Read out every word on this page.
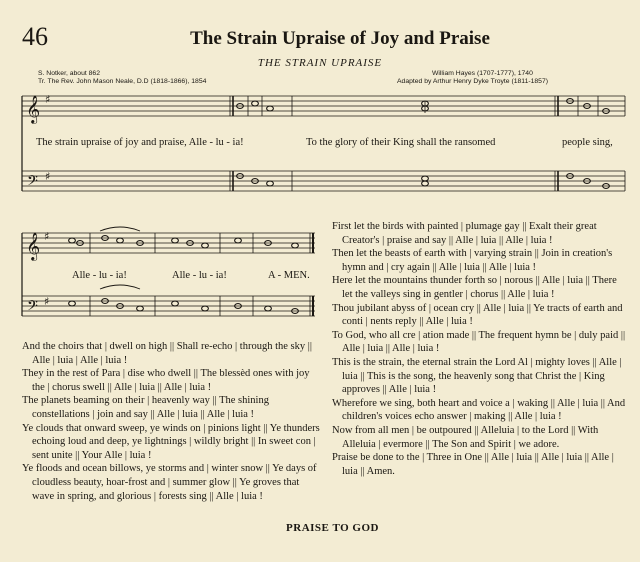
46	The Strain Upraise of Joy and Praise
THE STRAIN UPRAISE
S. Notker, about 862
Tr. The Rev. John Mason Neale, D.D (1818-1866), 1854
William Hayes (1707-1777), 1740
Adapted by Arthur Henry Dyke Troyte (1811-1857)
𝄞
𝄢
♯
♯
The strain upraise of joy and praise, Alle - lu - ia!	To the glory of their King shall the ransomed	people sing,
𝄞
𝄢
♯
♯
Alle - lu - ia!	Alle - lu - ia!	A - MEN.

And the choirs that | dwell on high || Shall re-echo | through the sky || Alle | luia | Alle | luia !

They in the rest of Para | dise who dwell || The blessèd ones with joy the | chorus swell || Alle | luia || Alle | luia !

The planets beaming on their | heavenly way || The shining constellations | join and say || Alle | luia || Alle | luia !

Ye clouds that onward sweep, ye winds on | pinions light || Ye thunders echoing loud and deep, ye lightnings | wildly bright || In sweet con | sent unite || Your Alle | luia !

Ye floods and ocean billows, ye storms and | winter snow || Ye days of cloudless beauty, hoar-frost and | summer glow || Ye groves that wave in spring, and glorious | forests sing || Alle | luia !

First let the birds with painted | plumage gay || Exalt their great Creator's | praise and say || Alle | luia || Alle | luia !

Then let the beasts of earth with | varying strain || Join in creation's hymn and | cry again || Alle | luia || Alle | luia !

Here let the mountains thunder forth so | norous || Alle | luia || There let the valleys sing in gentler | chorus || Alle | luia !

Thou jubilant abyss of | ocean cry || Alle | luia || Ye tracts of earth and conti | nents reply || Alle | luia !

To God, who all cre | ation made || The frequent hymn be | duly paid || Alle | luia || Alle | luia !

This is the strain, the eternal strain the Lord Al | mighty loves || Alle | luia || This is the song, the heavenly song that Christ the | King approves || Alle | luia !

Wherefore we sing, both heart and voice a | waking || Alle | luia || And children's voices echo answer | making || Alle | luia !

Now from all men | be outpoured || Alleluia | to the Lord || With Alleluia | evermore || The Son and Spirit | we adore.

Praise be done to the | Three in One || Alle | luia || Alle | luia || Alle | luia || Amen.

PRAISE TO GOD
